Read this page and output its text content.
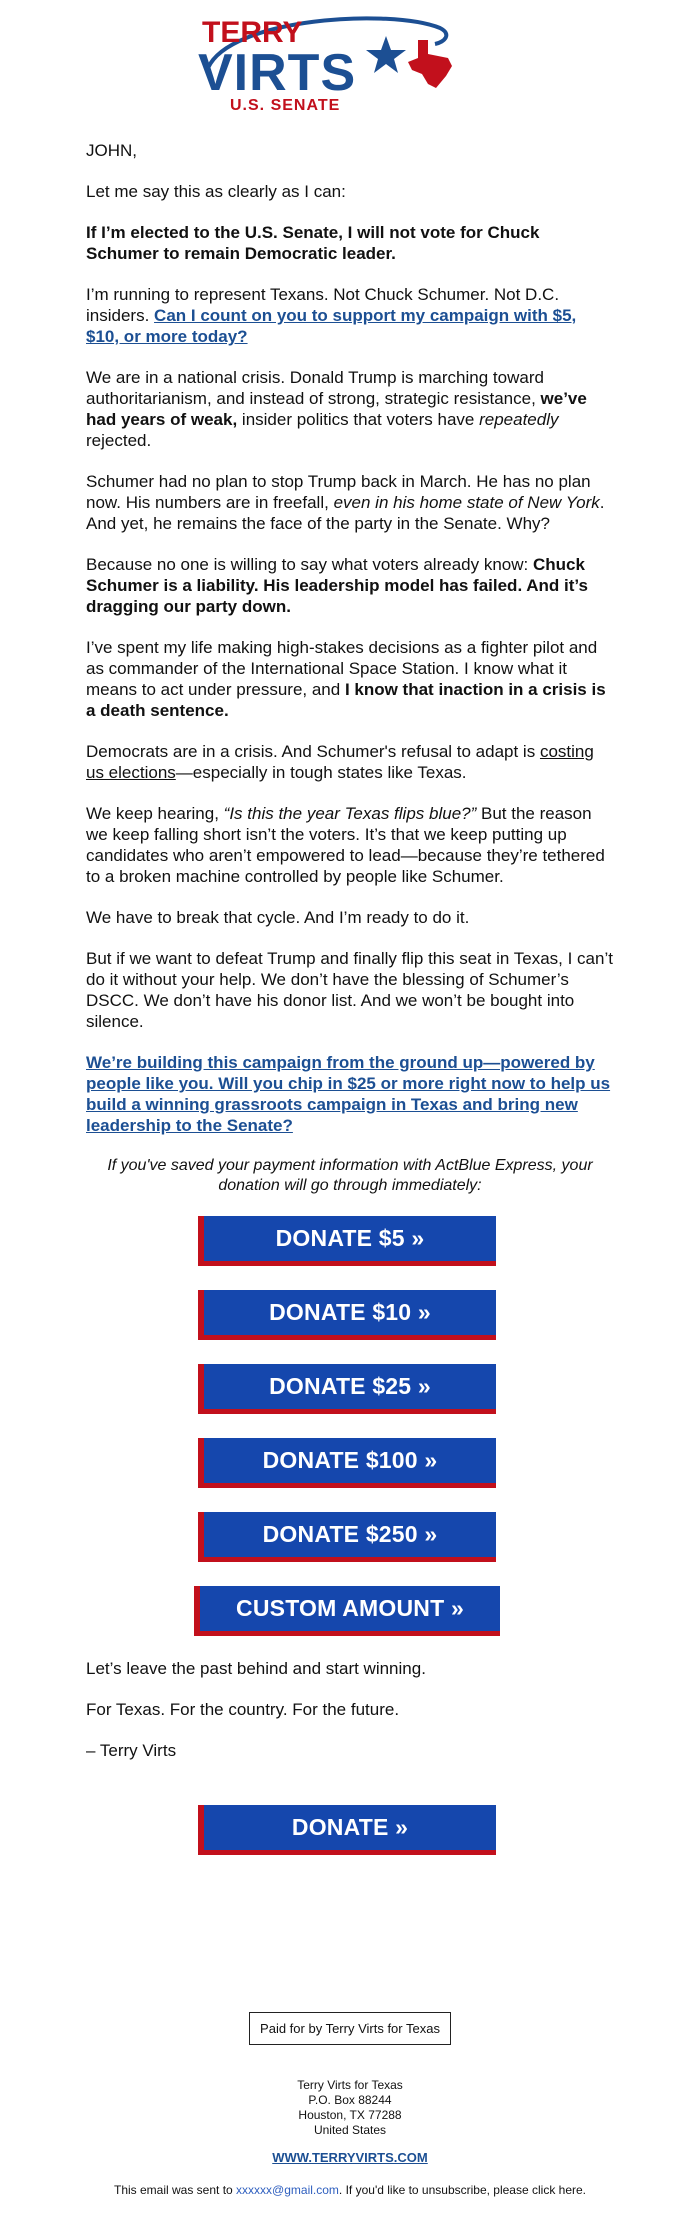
TERRY
VIRTS
U.S. SENATE

JOHN,

Let me say this as clearly as I can:

If I’m elected to the U.S. Senate, I will not vote for Chuck Schumer to remain Democratic leader.

I’m running to represent Texans. Not Chuck Schumer. Not D.C. insiders. Can I count on you to support my campaign with $5, $10, or more today?

We are in a national crisis. Donald Trump is marching toward authoritarianism, and instead of strong, strategic resistance, we’ve had years of weak, insider politics that voters have repeatedly rejected.

Schumer had no plan to stop Trump back in March. He has no plan now. His numbers are in freefall, even in his home state of New York. And yet, he remains the face of the party in the Senate. Why?

Because no one is willing to say what voters already know: Chuck Schumer is a liability. His leadership model has failed. And it’s dragging our party down.

I’ve spent my life making high-stakes decisions as a fighter pilot and as commander of the International Space Station. I know what it means to act under pressure, and I know that inaction in a crisis is a death sentence.

Democrats are in a crisis. And Schumer's refusal to adapt is costing us elections—especially in tough states like Texas.

We keep hearing, “Is this the year Texas flips blue?” But the reason we keep falling short isn’t the voters. It’s that we keep putting up candidates who aren’t empowered to lead—because they’re tethered to a broken machine controlled by people like Schumer.

We have to break that cycle. And I’m ready to do it.

But if we want to defeat Trump and finally flip this seat in Texas, I can’t do it without your help. We don’t have the blessing of Schumer’s DSCC. We don’t have his donor list. And we won’t be bought into silence.

We’re building this campaign from the ground up—powered by people like you. Will you chip in $25 or more right now to help us build a winning grassroots campaign in Texas and bring new leadership to the Senate?

If you've saved your payment information with ActBlue Express, your donation will go through immediately:

DONATE $5 »
DONATE $10 »
DONATE $25 »
DONATE $100 »
DONATE $250 »
CUSTOM AMOUNT »

Let’s leave the past behind and start winning.

For Texas. For the country. For the future.

– Terry Virts

DONATE »
Paid for by Terry Virts for Texas
Terry Virts for Texas
P.O. Box 88244
Houston, TX 77288
United States
WWW.TERRYVIRTS.COM
This email was sent to xxxxxx@gmail.com. If you'd like to unsubscribe, please click here.
